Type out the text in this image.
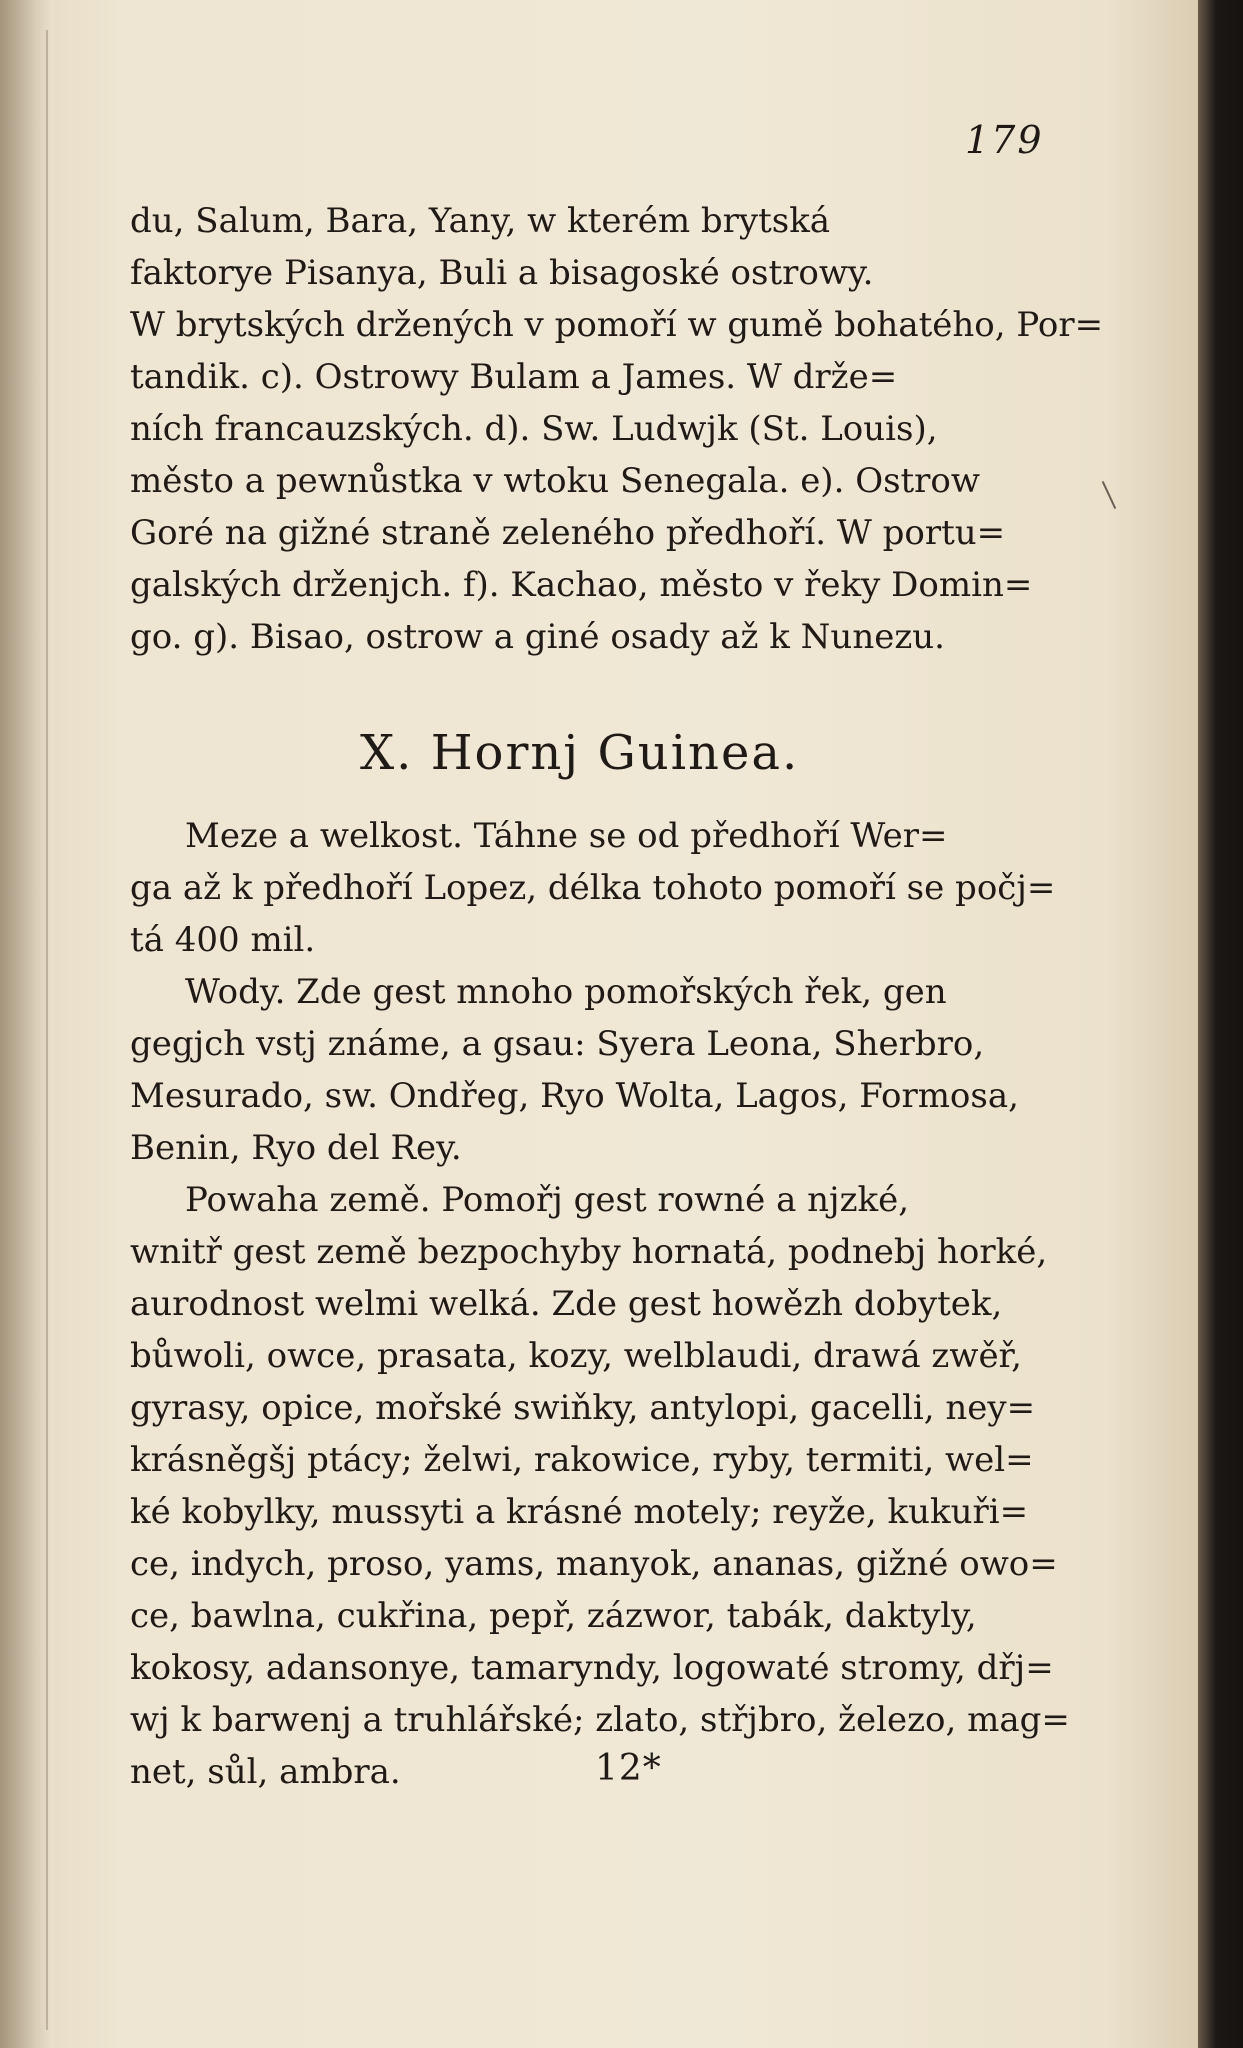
179
du, Salum, Bara, Yany, w kterém brytská
faktorye Pisanya, Buli a bisagoské ostrowy.
W brytských držených v pomoří w gumě bohatého, Por=
tandik. c). Ostrowy Bulam a James. W drže=
ních francauzských. d). Sw. Ludwjk (St. Louis),
město a pewnůstka v wtoku Senegala. e). Ostrow
Goré na gižné straně zeleného předhoří. W portu=
galských drženjch. f). Kachao, město v řeky Domin=
go. g). Bisao, ostrow a giné osady až k Nunezu.
X. Hornj Guinea.
Meze a welkost. Táhne se od předhoří Wer=
ga až k předhoří Lopez, délka tohoto pomoří se počj=
tá 400 mil.
Wody. Zde gest mnoho pomořských řek, gen
gegjch vstj známe, a gsau: Syera Leona, Sherbro,
Mesurado, sw. Ondřeg, Ryo Wolta, Lagos, Formosa,
Benin, Ryo del Rey.
Powaha země. Pomořj gest rowné a njzké,
wnitř gest země bezpochyby hornatá, podnebj horké,
aurodnost welmi welká. Zde gest howězh dobytek,
bůwoli, owce, prasata, kozy, welblaudi, drawá zwěř,
gyrasy, opice, mořské swiňky, antylopi, gacelli, ney=
krásněgšj ptácy; želwi, rakowice, ryby, termiti, wel=
ké kobylky, mussyti a krásné motely; reyže, kukuři=
ce, indych, proso, yams, manyok, ananas, gižné owo=
ce, bawlna, cukřina, pepř, zázwor, tabák, daktyly,
kokosy, adansonye, tamaryndy, logowaté stromy, dřj=
wj k barwenj a truhlářské; zlato, střjbro, železo, mag=
net, sůl, ambra.	12*
